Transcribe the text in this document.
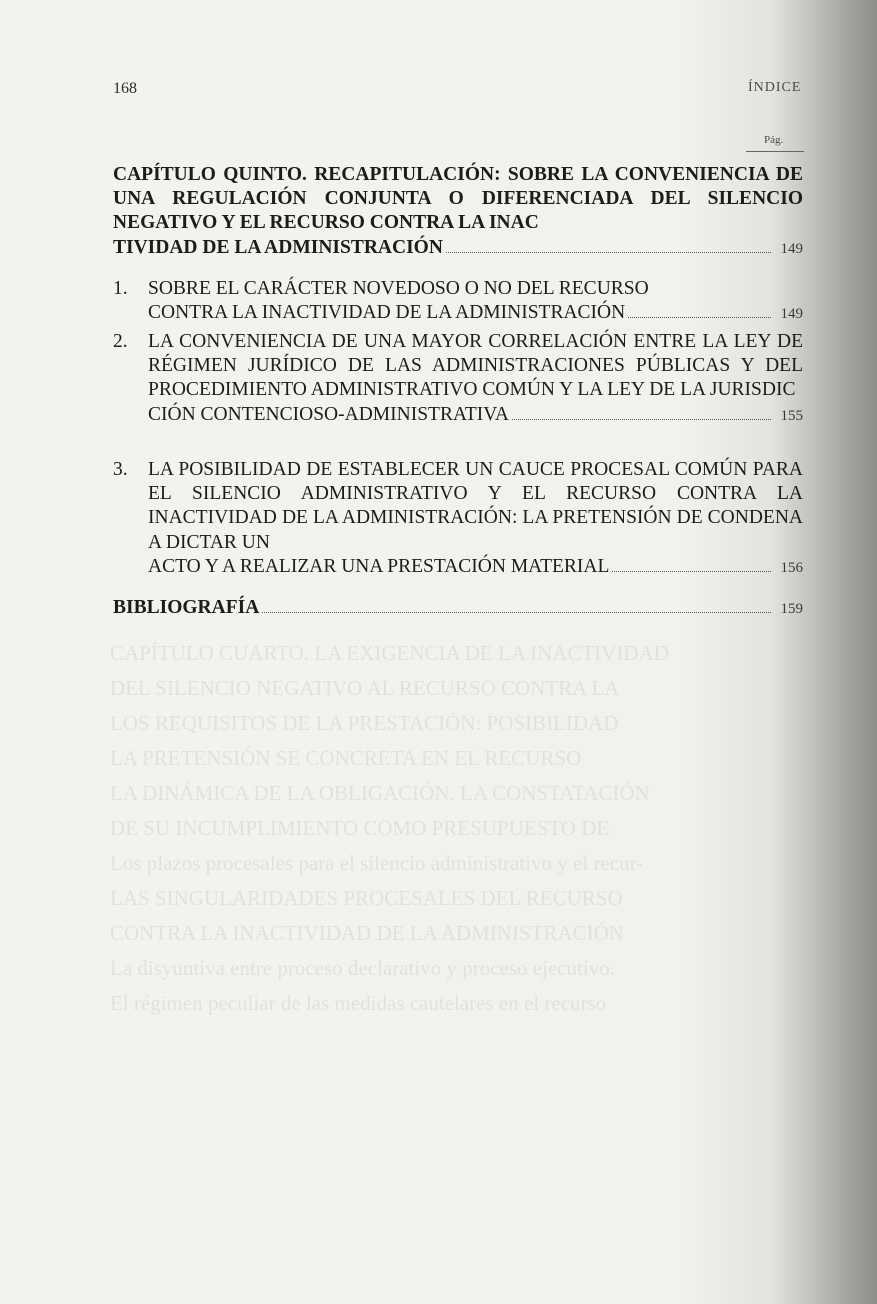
CAPÍTULO CUARTO. LA EXIGENCIA DE LA INACTIVIDAD

DEL SILENCIO NEGATIVO AL RECURSO CONTRA LA

LOS REQUISITOS DE LA PRESTACIÓN: POSIBILIDAD

LA PRETENSIÓN SE CONCRETA EN EL RECURSO

LA DINÁMICA DE LA OBLIGACIÓN. LA CONSTATACIÓN

DE SU INCUMPLIMIENTO COMO PRESUPUESTO DE

Los plazos procesales para el silencio administrativo y el recur-

LAS SINGULARIDADES PROCESALES DEL RECURSO

CONTRA LA INACTIVIDAD DE LA ADMINISTRACIÓN

La disyuntiva entre proceso declarativo y proceso ejecutivo.

El régimen peculiar de las medidas cautelares en el recurso

168	ÍNDICE
Pág.
CAPÍTULO QUINTO. RECAPITULACIÓN: SOBRE LA CONVENIENCIA DE UNA REGULACIÓN CONJUNTA O DIFERENCIADA DEL SILENCIO NEGATIVO Y EL RECURSO CONTRA LA INAC
TIVIDAD DE LA ADMINISTRACIÓN	149
1. SOBRE EL CARÁCTER NOVEDOSO O NO DEL RECURSO
CONTRA LA INACTIVIDAD DE LA ADMINISTRACIÓN	149
2. LA CONVENIENCIA DE UNA MAYOR CORRELACIÓN ENTRE LA LEY DE RÉGIMEN JURÍDICO DE LAS ADMINISTRACIONES PÚBLICAS Y DEL PROCEDIMIENTO ADMINISTRATIVO COMÚN Y LA LEY DE LA JURISDIC
CIÓN CONTENCIOSO-ADMINISTRATIVA	155
3. LA POSIBILIDAD DE ESTABLECER UN CAUCE PROCESAL COMÚN PARA EL SILENCIO ADMINISTRATIVO Y EL RECURSO CONTRA LA INACTIVIDAD DE LA ADMINISTRACIÓN: LA PRETENSIÓN DE CONDENA A DICTAR UN
ACTO Y A REALIZAR UNA PRESTACIÓN MATERIAL	156
BIBLIOGRAFÍA	159
